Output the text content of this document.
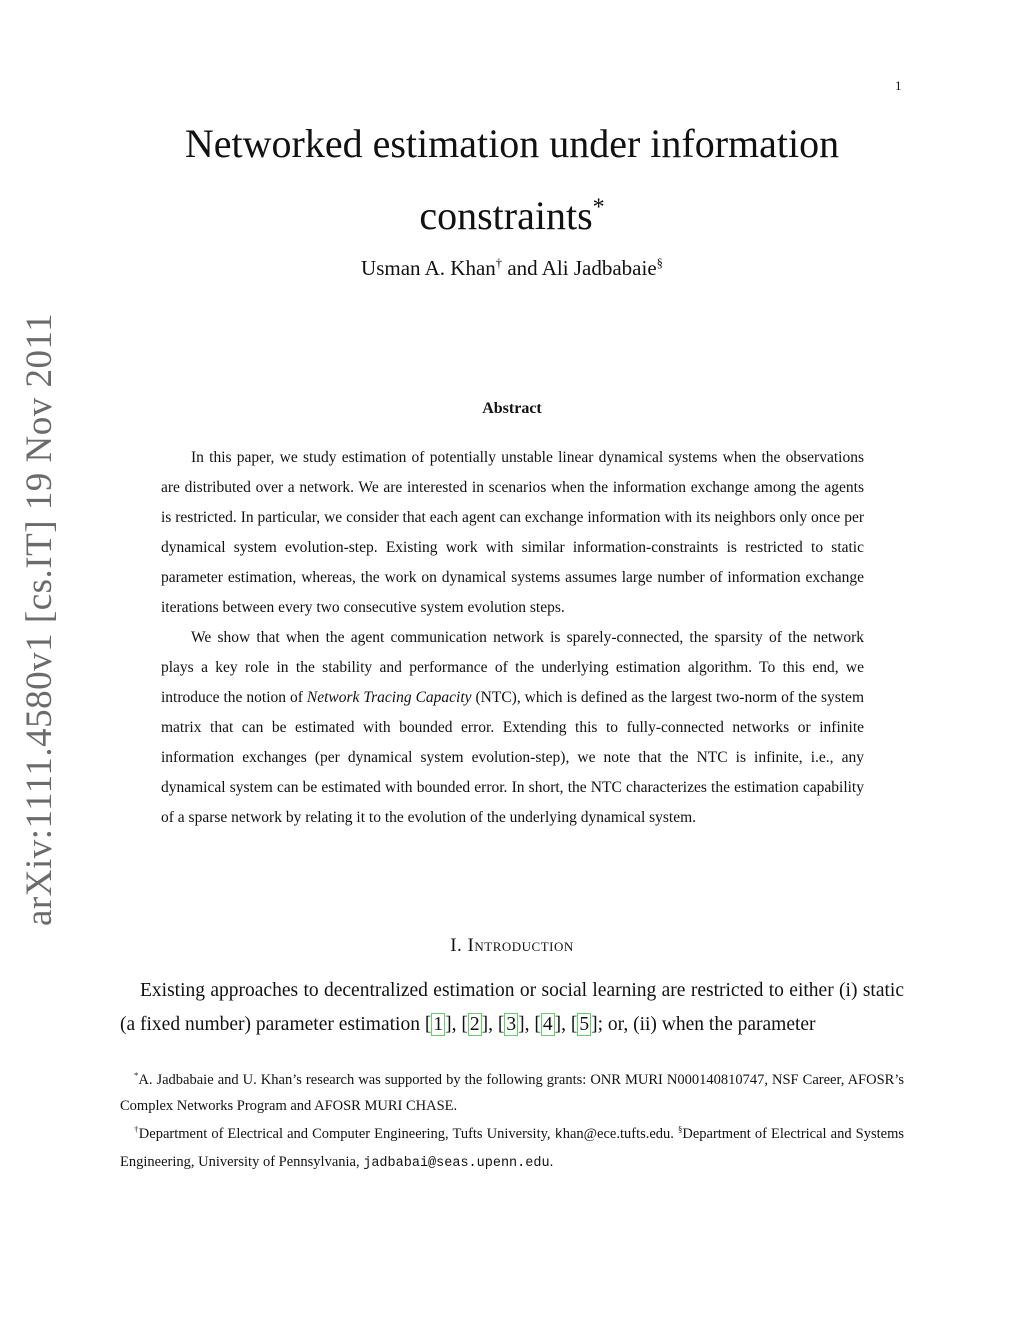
1
arXiv:1111.4580v1 [cs.IT] 19 Nov 2011
Networked estimation under information
constraints*
Usman A. Khan† and Ali Jadbabaie§
Abstract

In this paper, we study estimation of potentially unstable linear dynamical systems when the observations are distributed over a network. We are interested in scenarios when the information exchange among the agents is restricted. In particular, we consider that each agent can exchange information with its neighbors only once per dynamical system evolution-step. Existing work with similar information-constraints is restricted to static parameter estimation, whereas, the work on dynamical systems assumes large number of information exchange iterations between every two consecutive system evolution steps.

We show that when the agent communication network is sparely-connected, the sparsity of the network plays a key role in the stability and performance of the underlying estimation algorithm. To this end, we introduce the notion of Network Tracing Capacity (NTC), which is defined as the largest two-norm of the system matrix that can be estimated with bounded error. Extending this to fully-connected networks or infinite information exchanges (per dynamical system evolution-step), we note that the NTC is infinite, i.e., any dynamical system can be estimated with bounded error. In short, the NTC characterizes the estimation capability of a sparse network by relating it to the evolution of the underlying dynamical system.

I. Introduction

Existing approaches to decentralized estimation or social learning are restricted to either (i) static (a fixed number) parameter estimation [ 1 ], [ 2 ], [ 3 ], [ 4 ], [ 5 ]; or, (ii) when the parameter

*A. Jadbabaie and U. Khan’s research was supported by the following grants: ONR MURI N000140810747, NSF Career, AFOSR’s Complex Networks Program and AFOSR MURI CHASE.

†Department of Electrical and Computer Engineering, Tufts University, khan@ece.tufts.edu. §Department of Electrical and Systems Engineering, University of Pennsylvania, jadbabai@seas.upenn.edu.
